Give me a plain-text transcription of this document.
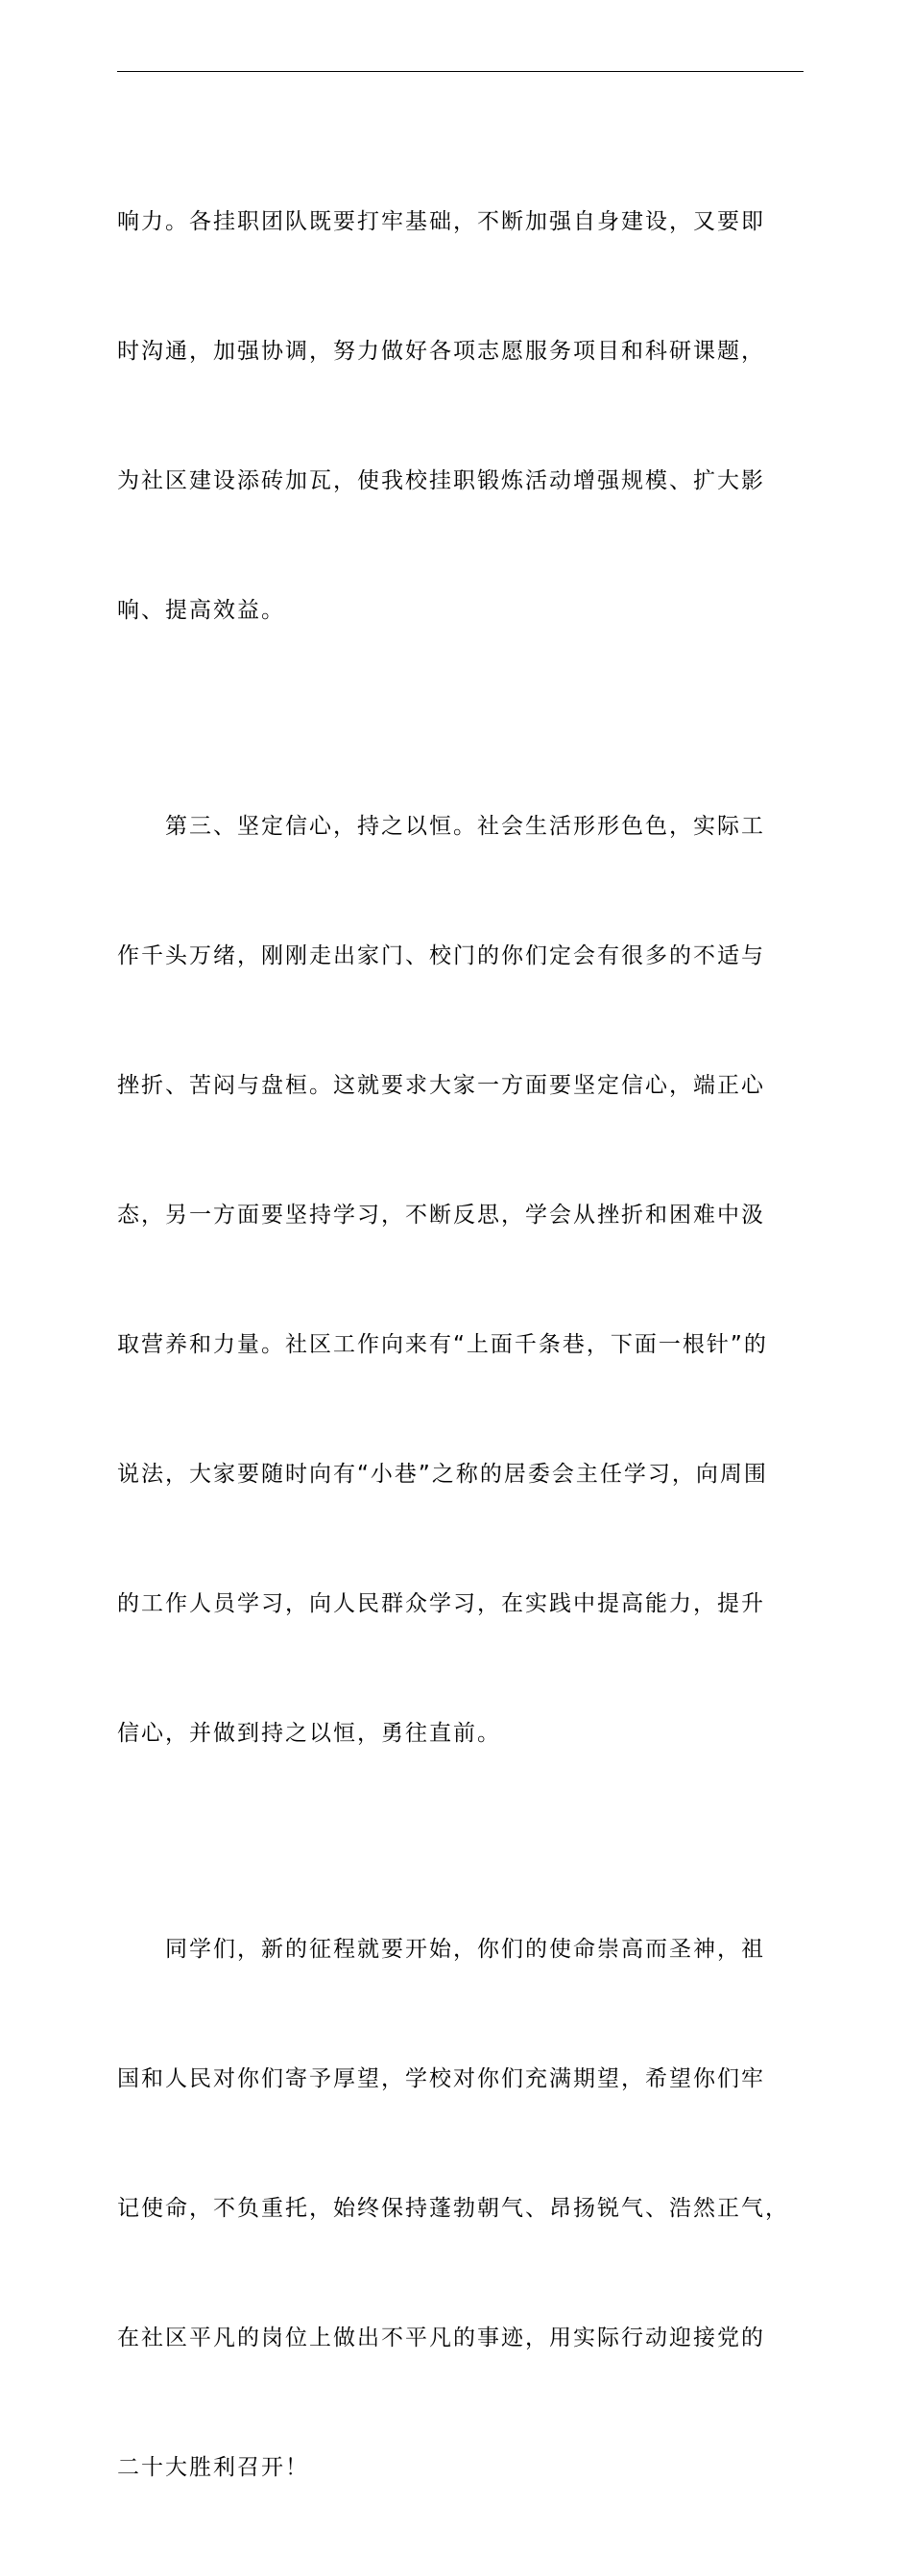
响力。各挂职团队既要打牢基础，不断加强自身建设，又要即

时沟通，加强协调，努力做好各项志愿服务项目和科研课题，

为社区建设添砖加瓦，使我校挂职锻炼活动增强规模、扩大影

响、提高效益。

　　第三、坚定信心，持之以恒。社会生活形形色色，实际工

作千头万绪，刚刚走出家门、校门的你们定会有很多的不适与

挫折、苦闷与盘桓。这就要求大家一方面要坚定信心，端正心

态，另一方面要坚持学习，不断反思，学会从挫折和困难中汲

取营养和力量。社区工作向来有“上面千条巷，下面一根针”的

说法，大家要随时向有“小巷”之称的居委会主任学习，向周围

的工作人员学习，向人民群众学习，在实践中提高能力，提升

信心，并做到持之以恒，勇往直前。

　　同学们，新的征程就要开始，你们的使命崇高而圣神，祖

国和人民对你们寄予厚望，学校对你们充满期望，希望你们牢

记使命，不负重托，始终保持蓬勃朝气、昂扬锐气、浩然正气，

在社区平凡的岗位上做出不平凡的事迹，用实际行动迎接党的

二十大胜利召开！
